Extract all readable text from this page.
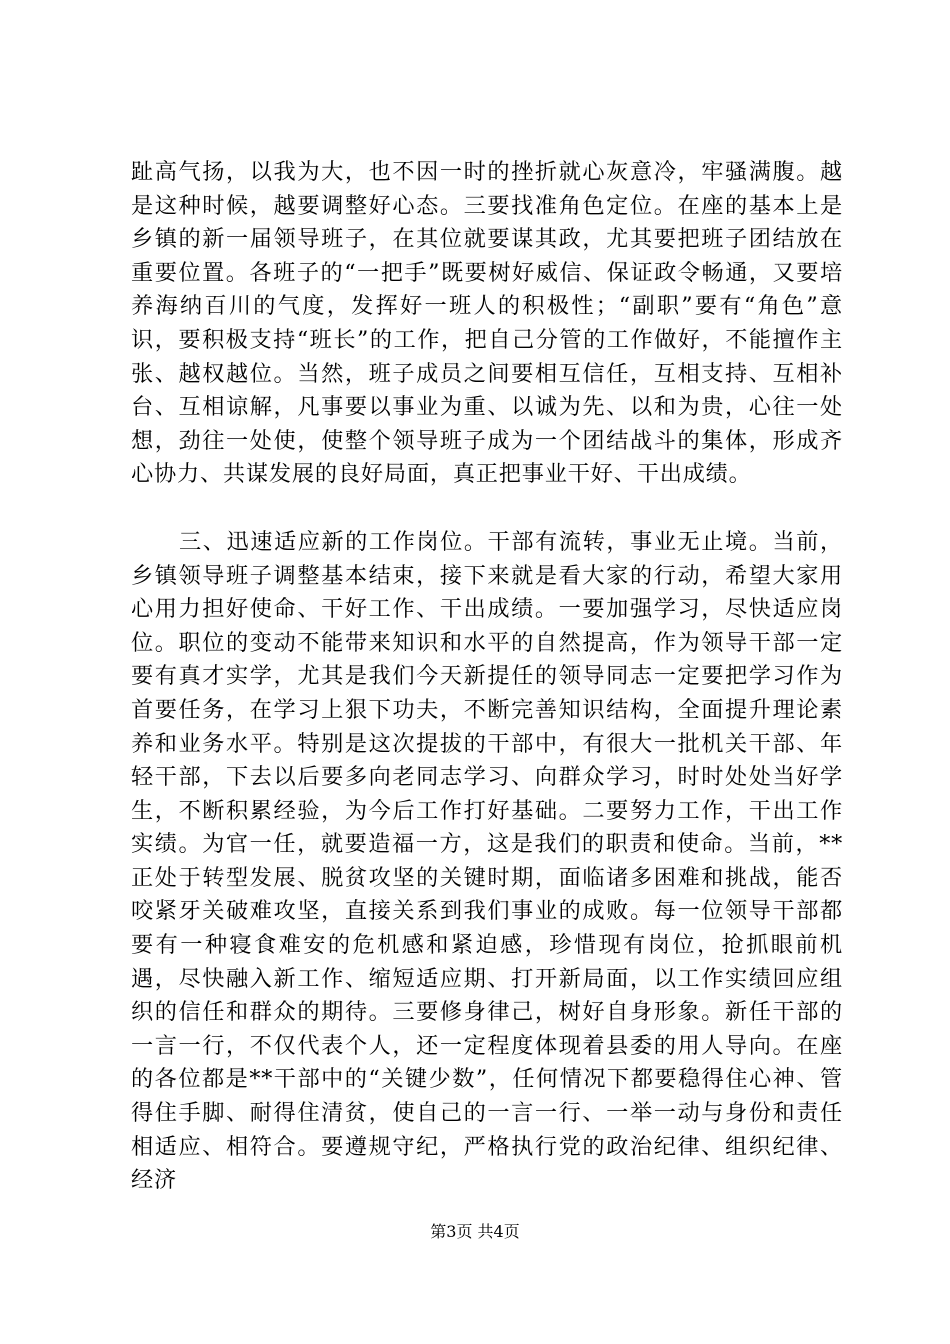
趾高气扬，以我为大，也不因一时的挫折就心灰意冷，牢骚满腹。越是这种时候，越要调整好心态。三要找准角色定位。在座的基本上是乡镇的新一届领导班子，在其位就要谋其政，尤其要把班子团结放在重要位置。各班子的“一把手”既要树好威信、保证政令畅通，又要培养海纳百川的气度，发挥好一班人的积极性；“副职”要有“角色”意识，要积极支持“班长”的工作，把自己分管的工作做好，不能擅作主张、越权越位。当然，班子成员之间要相互信任，互相支持、互相补台、互相谅解，凡事要以事业为重、以诚为先、以和为贵，心往一处想，劲往一处使，使整个领导班子成为一个团结战斗的集体，形成齐心协力、共谋发展的良好局面，真正把事业干好、干出成绩。

三、迅速适应新的工作岗位。干部有流转，事业无止境。当前，乡镇领导班子调整基本结束，接下来就是看大家的行动，希望大家用心用力担好使命、干好工作、干出成绩。一要加强学习，尽快适应岗位。职位的变动不能带来知识和水平的自然提高，作为领导干部一定要有真才实学，尤其是我们今天新提任的领导同志一定要把学习作为首要任务，在学习上狠下功夫，不断完善知识结构，全面提升理论素养和业务水平。特别是这次提拔的干部中，有很大一批机关干部、年轻干部，下去以后要多向老同志学习、向群众学习，时时处处当好学生，不断积累经验，为今后工作打好基础。二要努力工作，干出工作实绩。为官一任，就要造福一方，这是我们的职责和使命。当前，**正处于转型发展、脱贫攻坚的关键时期，面临诸多困难和挑战，能否咬紧牙关破难攻坚，直接关系到我们事业的成败。每一位领导干部都要有一种寝食难安的危机感和紧迫感，珍惜现有岗位，抢抓眼前机遇，尽快融入新工作、缩短适应期、打开新局面，以工作实绩回应组织的信任和群众的期待。三要修身律己，树好自身形象。新任干部的一言一行，不仅代表个人，还一定程度体现着县委的用人导向。在座的各位都是**干部中的“关键少数”，任何情况下都要稳得住心神、管得住手脚、耐得住清贫，使自己的一言一行、一举一动与身份和责任相适应、相符合。要遵规守纪，严格执行党的政治纪律、组织纪律、经济

第3页 共4页
